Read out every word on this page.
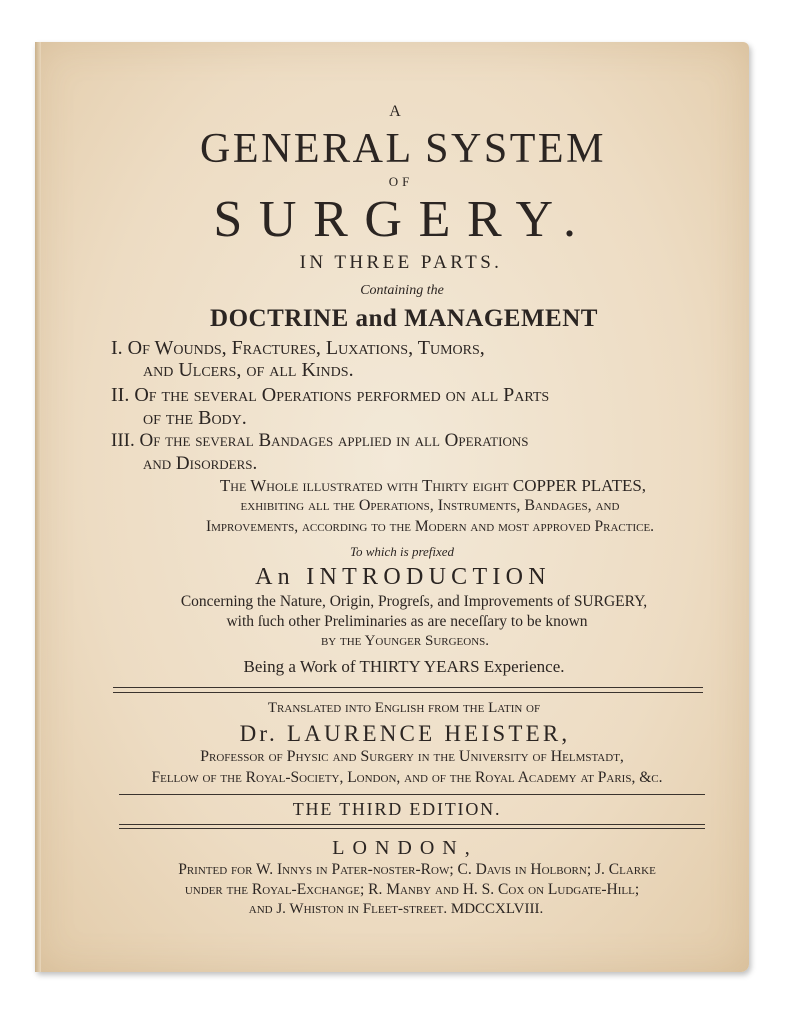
A
GENERAL SYSTEM
OF
SURGERY.
IN THREE PARTS.
Containing the
DOCTRINE and MANAGEMENT
I. Of Wounds, Fractures, Luxations, Tumors,
and Ulcers, of all Kinds.
II. Of the ſeveral Operations performed on all Parts
of the Body.
III. Of the ſeveral Bandages applied in all Operations
and Disorders.
The Whole illuſtrated with Thirty eight COPPER PLATES,
exhibiting all the Operations, Instruments, Bandages, and
Improvements, according to the Modern and moſt approved Practice.
To which is prefixed
An INTRODUCTION
Concerning the Nature, Origin, Progreſs, and Improvements of SURGERY,
with ſuch other Preliminaries as are neceſſary to be known
by the Younger Surgeons.
Being a Work of THIRTY YEARS Experience.
Tranſlated into English from the Latin of
Dr. LAURENCE HEISTER,
Profeſſor of Phyſic and Surgery in the Univerſity of Helmstadt,
Fellow of the Royal-Society, London, and of the Royal Academy at Paris, &c.
THE THIRD EDITION.
LONDON,
Printed for W. Innys in Pater-noſter-Row; C. Davis in Holborn; J. Clarke
under the Royal-Exchange; R. Manby and H. S. Cox on Ludgate-Hill;
and J. Whiston in Fleet-ſtreet. MDCCXLVIII.
